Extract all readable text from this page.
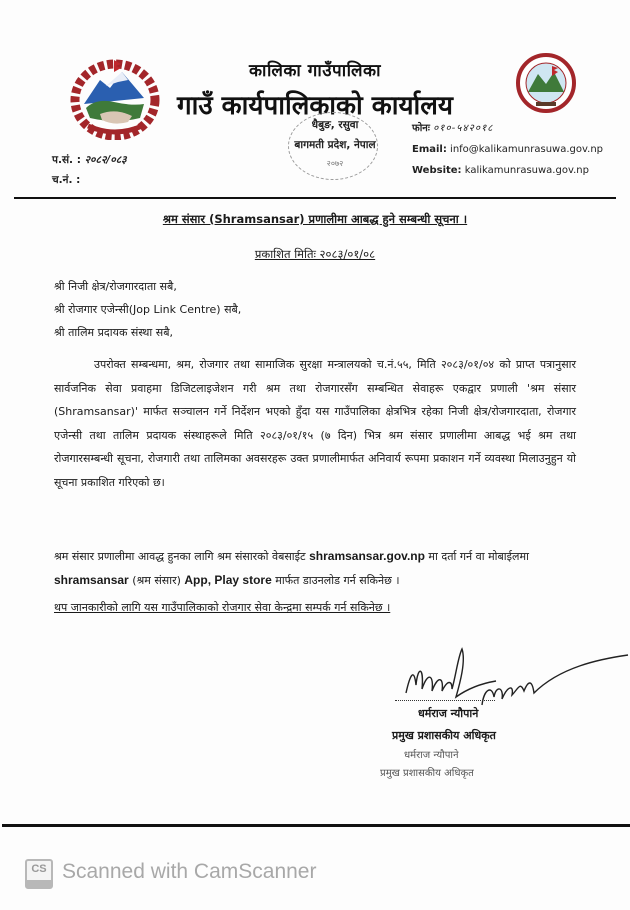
कालिका गाउँपालिका
गाउँ कार्यपालिकाको कार्यालय
धैबुङ, रसुवा
बागमती प्रदेश, नेपाल
२०७२
फोनः ०१०-५४२०१८
Email: info@kalikamunrasuwa.gov.np
Website: kalikamunrasuwa.gov.np
प.सं. : २०८२/०८३
च.नं. :
श्रम संसार (Shramsansar) प्रणालीमा आबद्ध हुने सम्बन्धी सूचना ।
प्रकाशित मितिः २०८३/०१/०८
श्री निजी क्षेत्र/रोजगारदाता सबै,
श्री रोजगार एजेन्सी(Jop Link Centre) सबै,
श्री तालिम प्रदायक संस्था सबै,
उपरोक्त सम्बन्धमा, श्रम, रोजगार तथा सामाजिक सुरक्षा मन्त्रालयको च.नं.५५, मिति २०८३/०१/०४ को प्राप्त पत्रानुसार सार्वजनिक सेवा प्रवाहमा डिजिटलाइजेशन गरी श्रम तथा रोजगारसँग सम्बन्धित सेवाहरू एकद्वार प्रणाली 'श्रम संसार (Shramsansar)' मार्फत सञ्चालन गर्ने निर्देशन भएको हुँदा यस गाउँपालिका क्षेत्रभित्र रहेका निजी क्षेत्र/रोजगारदाता, रोजगार एजेन्सी तथा तालिम प्रदायक संस्थाहरूले मिति २०८३/०१/१५ (७ दिन) भित्र श्रम संसार प्रणालीमा आबद्ध भई श्रम तथा रोजगारसम्बन्धी सूचना, रोजगारी तथा तालिमका अवसरहरू उक्त प्रणालीमार्फत अनिवार्य रूपमा प्रकाशन गर्ने व्यवस्था मिलाउनुहुन यो सूचना प्रकाशित गरिएको छ।
श्रम संसार प्रणालीमा आवद्ध हुनका लागि श्रम संसारको वेबसाईट shramsansar.gov.np मा दर्ता गर्न वा मोबाईलमा shramsansar (श्रम संसार) App, Play store मार्फत डाउनलोड गर्न सकिनेछ ।
थप जानकारीको लागि यस गाउँपालिकाको रोजगार सेवा केन्द्रमा सम्पर्क गर्न सकिनेछ ।
धर्मराज न्यौपाने
प्रमुख प्रशासकीय अधिकृत
धर्मराज न्यौपाने
प्रमुख प्रशासकीय अधिकृत
CS Scanned with CamScanner
